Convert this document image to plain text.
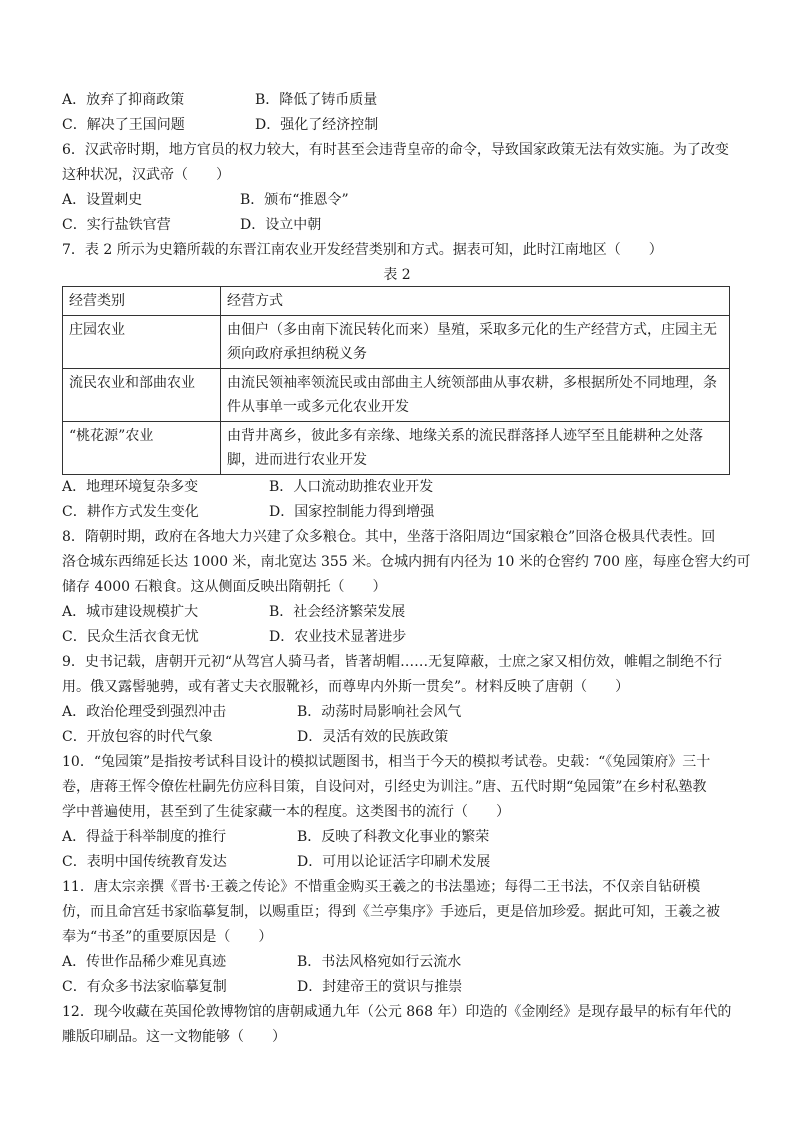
A．放弃了抑商政策	B．降低了铸币质量
C．解决了王国问题	D．强化了经济控制
6．汉武帝时期，地方官员的权力较大，有时甚至会违背皇帝的命令，导致国家政策无法有效实施。为了改变
这种状况，汉武帝（　　）
A．设置刺史	B．颁布“推恩令”
C．实行盐铁官营	D．设立中朝
7．表 2 所示为史籍所载的东晋江南农业开发经营类别和方式。据表可知，此时江南地区（　　）
表 2
经营类别	经营方式
庄园农业	由佃户（多由南下流民转化而来）垦殖，采取多元化的生产经营方式，庄园主无须向政府承担纳税义务
流民农业和部曲农业	由流民领袖率领流民或由部曲主人统领部曲从事农耕，多根据所处不同地理，条件从事单一或多元化农业开发
“桃花源”农业	由背井离乡，彼此多有亲缘、地缘关系的流民群落择人迹罕至且能耕种之处落脚，进而进行农业开发
A．地理环境复杂多变	B．人口流动助推农业开发
C．耕作方式发生变化	D．国家控制能力得到增强
8．隋朝时期，政府在各地大力兴建了众多粮仓。其中，坐落于洛阳周边“国家粮仓”回洛仓极具代表性。回
洛仓城东西绵延长达 1000 米，南北宽达 355 米。仓城内拥有内径为 10 米的仓窖约 700 座，每座仓窖大约可
储存 4000 石粮食。这从侧面反映出隋朝托（　　）
A．城市建设规模扩大	B．社会经济繁荣发展
C．民众生活衣食无忧	D．农业技术显著进步
9．史书记载，唐朝开元初“从驾宫人骑马者，皆著胡帽……无复障蔽，士庶之家又相仿效，帷帽之制绝不行
用。俄又露髻驰骋，或有著丈夫衣服靴衫，而尊卑内外斯一贯矣”。材料反映了唐朝（　　）
A．政治伦理受到强烈冲击	B．动荡时局影响社会风气
C．开放包容的时代气象	D．灵活有效的民族政策
10．“兔园策”是指按考试科目设计的模拟试题图书，相当于今天的模拟考试卷。史载：“《兔园策府》三十
卷，唐蒋王恽令僚佐杜嗣先仿应科目策，自设问对，引经史为训注。”唐、五代时期“兔园策”在乡村私塾教
学中普遍使用，甚至到了生徒家藏一本的程度。这类图书的流行（　　）
A．得益于科举制度的推行	B．反映了科教文化事业的繁荣
C．表明中国传统教育发达	D．可用以论证活字印刷术发展
11．唐太宗亲撰《晋书·王羲之传论》不惜重金购买王羲之的书法墨迹；每得二王书法，不仅亲自钻研模
仿，而且命宫廷书家临摹复制，以赐重臣；得到《兰亭集序》手迹后，更是倍加珍爱。据此可知，王羲之被
奉为“书圣”的重要原因是（　　）
A．传世作品稀少难见真迹	B．书法风格宛如行云流水
C．有众多书法家临摹复制	D．封建帝王的赏识与推崇
12．现今收藏在英国伦敦博物馆的唐朝咸通九年（公元 868 年）印造的《金刚经》是现存最早的标有年代的
雕版印刷品。这一文物能够（　　）
